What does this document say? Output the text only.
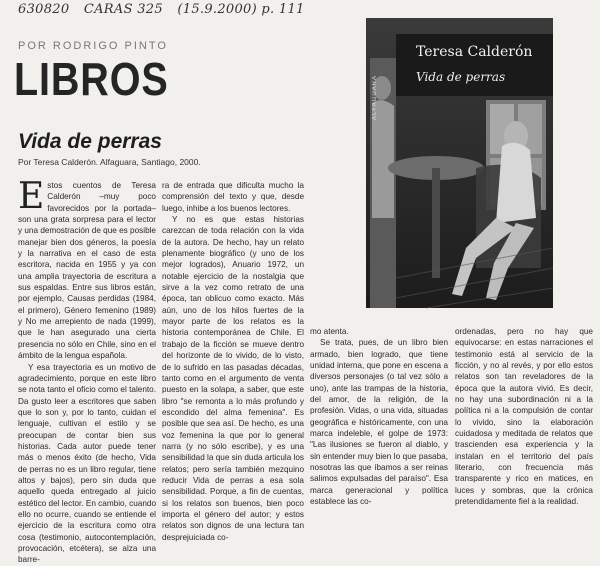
630820 CARAS 325 (15.9.2000) p. 111
POR RODRIGO PINTO
LIBROS
Vida de perras
Por Teresa Calderón. Alfaguara, Santiago, 2000.

Estos cuentos de Teresa Calderón –muy poco favorecidos por la portada– son una grata sorpresa para el lector y una demostración de que es posible manejar bien dos géneros, la poesía y la narrativa en el caso de esta escritora, nacida en 1955 y ya con una amplia trayectoria de escritura a sus espaldas. Entre sus libros están, por ejemplo, Causas perdidas (1984, el primero), Género femenino (1989) y No me arrepiento de nada (1999), que le han asegurado una cierta presencia no sólo en Chile, sino en el ámbito de la lengua española.

Y esa trayectoria es un motivo de agradecimiento, porque en este libro se nota tanto el oficio como el talento. Da gusto leer a escritores que saben que lo son y, por lo tanto, cuidan el lenguaje, cultivan el estilo y se preocupan de contar bien sus historias. Cada autor puede tener más o menos éxito (de hecho, Vida de perras no es un libro regular, tiene altos y bajos), pero sin duda que aquello queda entregado al juicio estético del lector. En cambio, cuando ello no ocurre, cuando se entiende el ejercicio de la escritura como otra cosa (testimonio, autocontemplación, provocación, etcétera), se alza una barre-

ra de entrada que dificulta mucho la comprensión del texto y que, desde luego, inhibe a los buenos lectores.

Y no es que estas historias carezcan de toda relación con la vida de la autora. De hecho, hay un relato plenamente biográfico (y uno de los mejor logrados), Anuario 1972, un notable ejercicio de la nostalgia que sirve a la vez como retrato de una época, tan oblicuo como exacto. Más aún, uno de los hilos fuertes de la mayor parte de los relatos es la historia contemporánea de Chile. El trabajo de la ficción se mueve dentro del horizonte de lo vivido, de lo visto, de lo sufrido en las pasadas décadas, tanto como en el argumento de venta puesto en la solapa, a saber, que este libro "se remonta a lo más profundo y escondido del alma femenina". Es posible que sea así. De hecho, es una voz femenina la que por lo general narra (y no sólo escribe), y es una sensibilidad la que sin duda articula los relatos; pero sería también mezquino reducir Vida de perras a esa sola sensibilidad. Porque, a fin de cuentas, si los relatos son buenos, bien poco importa el género del autor; y estos relatos son dignos de una lectura tan desprejuiciada co-

ALFAGUARA
Teresa Calderón
Vida de perras

mo atenta.

Se trata, pues, de un libro bien armado, bien logrado, que tiene unidad interna, que pone en escena a diversos personajes (o tal vez sólo a uno), ante las trampas de la historia, del amor, de la religión, de la profesión. Vidas, o una vida, situadas geográfica e históricamente, con una marca indeleble, el golpe de 1973: "Las ilusiones se fueron al diablo, y sin entender muy bien lo que pasaba, nosotras las que íbamos a ser reinas salimos expulsadas del paraíso". Esa marca generacional y política establece las co-

ordenadas, pero no hay que equivocarse: en estas narraciones el testimonio está al servicio de la ficción, y no al revés, y por ello estos relatos son tan reveladores de la época que la autora vivió. Es decir, no hay una subordinación ni a la política ni a la compulsión de contar lo vivido, sino la elaboración cuidadosa y meditada de relatos que trascienden esa experiencia y la instalan en el territorio del país literario, con frecuencia más transparente y rico en matices, en luces y sombras, que la crónica pretendidamente fiel a la realidad.
